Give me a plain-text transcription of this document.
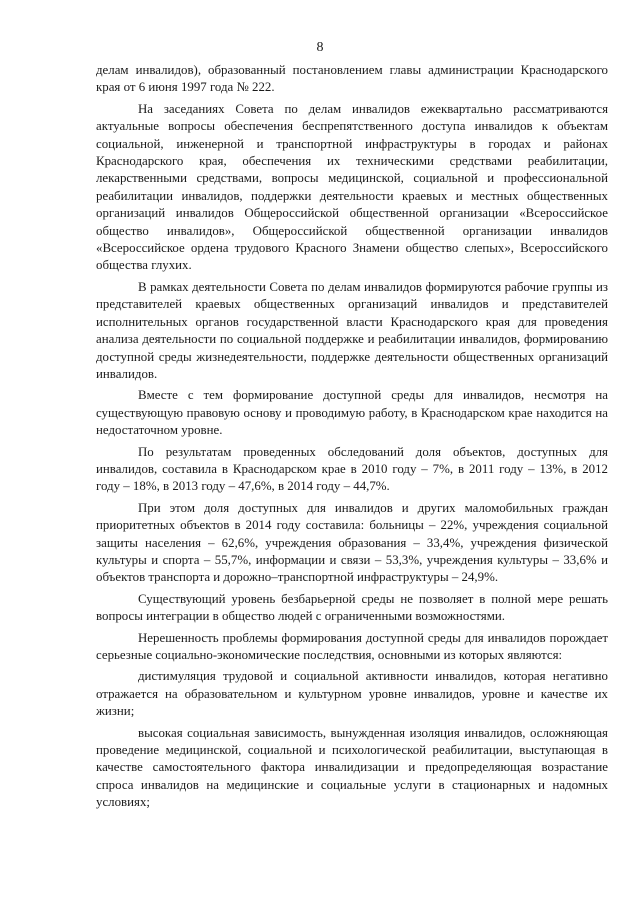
8

делам инвалидов), образованный постановлением главы администрации Краснодарского края от 6 июня 1997 года № 222.

На заседаниях Совета по делам инвалидов ежеквартально рассматриваются актуальные вопросы обеспечения беспрепятственного доступа инвалидов к объектам социальной, инженерной и транспортной инфраструктуры в городах и районах Краснодарского края, обеспечения их техническими средствами реабилитации, лекарственными средствами, вопросы медицинской, социальной и профессиональной реабилитации инвалидов, поддержки деятельности краевых и местных общественных организаций инвалидов Общероссийской общественной организации «Всероссийское общество инвалидов», Общероссийской общественной организации инвалидов «Всероссийское ордена трудового Красного Знамени общество слепых», Всероссийского общества глухих.

В рамках деятельности Совета по делам инвалидов формируются рабочие группы из представителей краевых общественных организаций инвалидов и представителей исполнительных органов государственной власти Краснодарского края для проведения анализа деятельности по социальной поддержке и реабилитации инвалидов, формированию доступной среды жизнедеятельности, поддержке деятельности общественных организаций инвалидов.

Вместе с тем формирование доступной среды для инвалидов, несмотря на существующую правовую основу и проводимую работу, в Краснодарском крае находится на недостаточном уровне.

По результатам проведенных обследований доля объектов, доступных для инвалидов, составила в Краснодарском крае в 2010 году – 7%, в 2011 году – 13%, в 2012 году – 18%, в 2013 году – 47,6%, в 2014 году – 44,7%.

При этом доля доступных для инвалидов и других маломобильных граждан приоритетных объектов в 2014 году составила: больницы – 22%, учреждения социальной защиты населения – 62,6%, учреждения образования – 33,4%, учреждения физической культуры и спорта – 55,7%, информации и связи – 53,3%, учреждения культуры – 33,6% и объектов транспорта и дорожно–транспортной инфраструктуры – 24,9%.

Существующий уровень безбарьерной среды не позволяет в полной мере решать вопросы интеграции в общество людей с ограниченными возможностями.

Нерешенность проблемы формирования доступной среды для инвалидов порождает серьезные социально-экономические последствия, основными из которых являются:

дистимуляция трудовой и социальной активности инвалидов, которая негативно отражается на образовательном и культурном уровне инвалидов, уровне и качестве их жизни;

высокая социальная зависимость, вынужденная изоляция инвалидов, осложняющая проведение медицинской, социальной и психологической реабилитации, выступающая в качестве самостоятельного фактора инвалидизации и предопределяющая возрастание спроса инвалидов на медицинские и социальные услуги в стационарных и надомных условиях;
